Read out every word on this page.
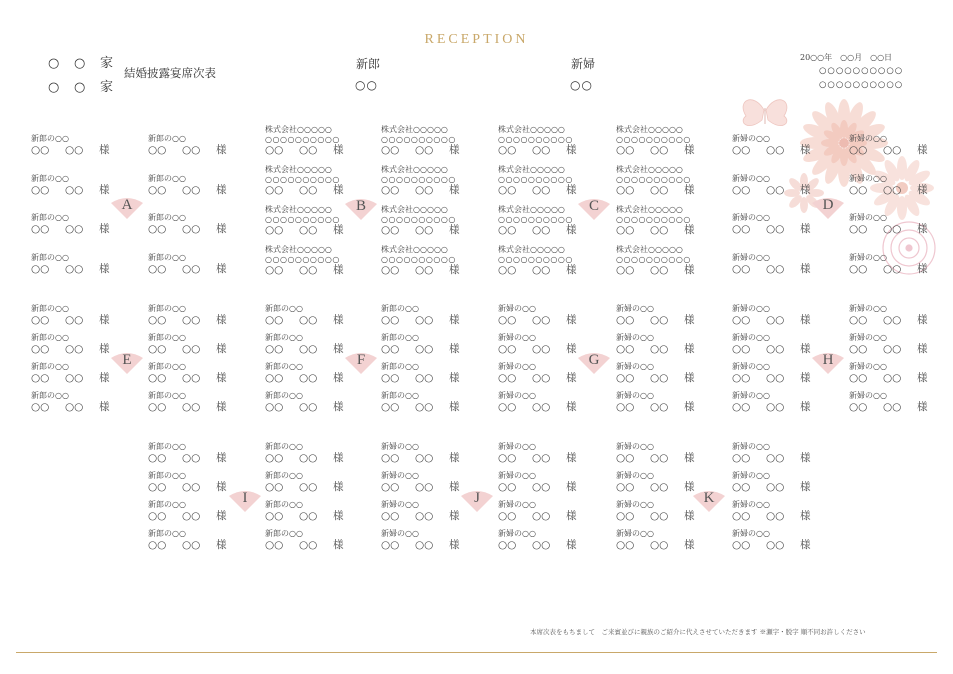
RECEPTION
○ ○ 家
○ ○ 家
結婚披露宴席次表
新郎
○○
新婦
○○
20○○年　○○月　○○日
○○○○○○○○○○
○○○○○○○○○○
新郎の○○
○○ ○○ 様
新郎の○○
○○ ○○ 様
新郎の○○
○○ ○○ 様
新郎の○○
○○ ○○ 様
新郎の○○
○○ ○○ 様
新郎の○○
○○ ○○ 様
新郎の○○
○○ ○○ 様
新郎の○○
○○ ○○ 様
A
株式会社○○○○○
○○○○○○○○○○
○○ ○○ 様
株式会社○○○○○
○○○○○○○○○○
○○ ○○ 様
株式会社○○○○○
○○○○○○○○○○
○○ ○○ 様
株式会社○○○○○
○○○○○○○○○○
○○ ○○ 様
株式会社○○○○○
○○○○○○○○○○
○○ ○○ 様
株式会社○○○○○
○○○○○○○○○○
○○ ○○ 様
株式会社○○○○○
○○○○○○○○○○
○○ ○○ 様
株式会社○○○○○
○○○○○○○○○○
○○ ○○ 様
B
株式会社○○○○○
○○○○○○○○○○
○○ ○○ 様
株式会社○○○○○
○○○○○○○○○○
○○ ○○ 様
株式会社○○○○○
○○○○○○○○○○
○○ ○○ 様
株式会社○○○○○
○○○○○○○○○○
○○ ○○ 様
株式会社○○○○○
○○○○○○○○○○
○○ ○○ 様
株式会社○○○○○
○○○○○○○○○○
○○ ○○ 様
株式会社○○○○○
○○○○○○○○○○
○○ ○○ 様
株式会社○○○○○
○○○○○○○○○○
○○ ○○ 様
C
新婦の○○
○○ ○○ 様
新婦の○○
○○ ○○ 様
新婦の○○
○○ ○○ 様
新婦の○○
○○ ○○ 様
新婦の○○
○○ ○○ 様
新婦の○○
○○ ○○ 様
新婦の○○
○○ ○○ 様
新婦の○○
○○ ○○ 様
D
新郎の○○
○○ ○○ 様
新郎の○○
○○ ○○ 様
新郎の○○
○○ ○○ 様
新郎の○○
○○ ○○ 様
新郎の○○
○○ ○○ 様
新郎の○○
○○ ○○ 様
新郎の○○
○○ ○○ 様
新郎の○○
○○ ○○ 様
E
新郎の○○
○○ ○○ 様
新郎の○○
○○ ○○ 様
新郎の○○
○○ ○○ 様
新郎の○○
○○ ○○ 様
新郎の○○
○○ ○○ 様
新郎の○○
○○ ○○ 様
新郎の○○
○○ ○○ 様
新郎の○○
○○ ○○ 様
F
新婦の○○
○○ ○○ 様
新婦の○○
○○ ○○ 様
新婦の○○
○○ ○○ 様
新婦の○○
○○ ○○ 様
新婦の○○
○○ ○○ 様
新婦の○○
○○ ○○ 様
新婦の○○
○○ ○○ 様
新婦の○○
○○ ○○ 様
G
新婦の○○
○○ ○○ 様
新婦の○○
○○ ○○ 様
新婦の○○
○○ ○○ 様
新婦の○○
○○ ○○ 様
新婦の○○
○○ ○○ 様
新婦の○○
○○ ○○ 様
新婦の○○
○○ ○○ 様
新婦の○○
○○ ○○ 様
H
新郎の○○
○○ ○○ 様
新郎の○○
○○ ○○ 様
新郎の○○
○○ ○○ 様
新郎の○○
○○ ○○ 様
新郎の○○
○○ ○○ 様
新郎の○○
○○ ○○ 様
新郎の○○
○○ ○○ 様
新郎の○○
○○ ○○ 様
I
新婦の○○
○○ ○○ 様
新婦の○○
○○ ○○ 様
新婦の○○
○○ ○○ 様
新婦の○○
○○ ○○ 様
新婦の○○
○○ ○○ 様
新婦の○○
○○ ○○ 様
新婦の○○
○○ ○○ 様
新婦の○○
○○ ○○ 様
J
新婦の○○
○○ ○○ 様
新婦の○○
○○ ○○ 様
新婦の○○
○○ ○○ 様
新婦の○○
○○ ○○ 様
新婦の○○
○○ ○○ 様
新婦の○○
○○ ○○ 様
新婦の○○
○○ ○○ 様
新婦の○○
○○ ○○ 様
K
本席次表をもちまして　ご来賓並びに親族のご紹介に代えさせていただきます ※瀬字・脱字 順不同お許しください
